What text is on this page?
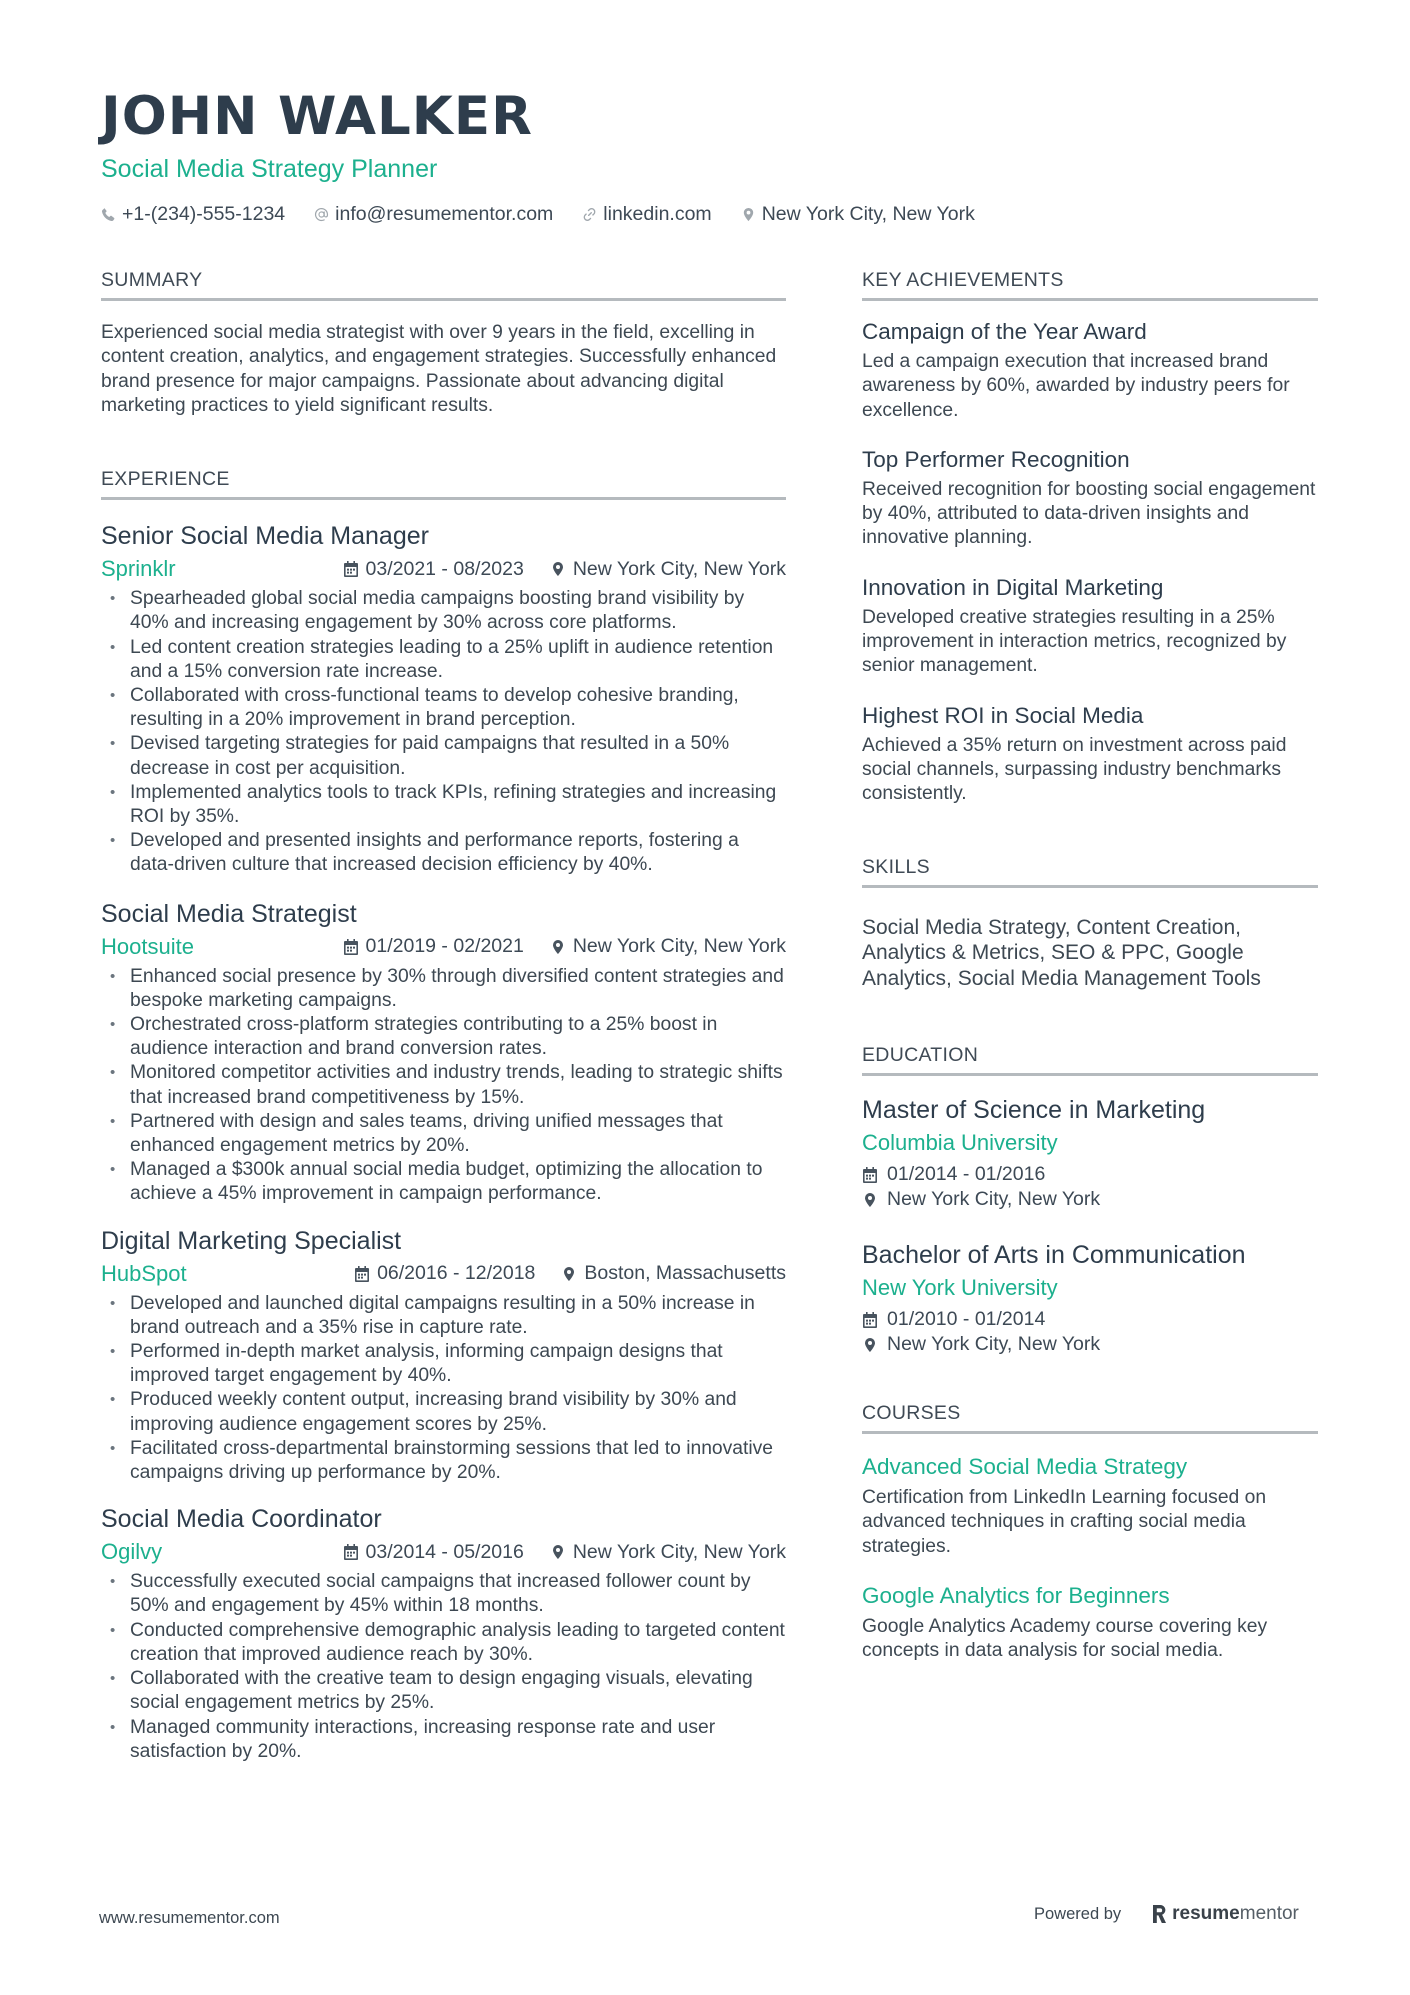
JOHN WALKER
Social Media Strategy Planner
+1-(234)-555-1234	info@resumementor.com	linkedin.com	New York City, New York
SUMMARY
Experienced social media strategist with over 9 years in the field, excelling in content creation, analytics, and engagement strategies. Successfully enhanced brand presence for major campaigns. Passionate about advancing digital marketing practices to yield significant results.
EXPERIENCE
Senior Social Media Manager
Sprinklr	03/2021 - 08/2023	New York City, New York
• Spearheaded global social media campaigns boosting brand visibility by 40% and increasing engagement by 30% across core platforms.
• Led content creation strategies leading to a 25% uplift in audience retention and a 15% conversion rate increase.
• Collaborated with cross-functional teams to develop cohesive branding, resulting in a 20% improvement in brand perception.
• Devised targeting strategies for paid campaigns that resulted in a 50% decrease in cost per acquisition.
• Implemented analytics tools to track KPIs, refining strategies and increasing ROI by 35%.
• Developed and presented insights and performance reports, fostering a data-driven culture that increased decision efficiency by 40%.
Social Media Strategist
Hootsuite	01/2019 - 02/2021	New York City, New York
• Enhanced social presence by 30% through diversified content strategies and bespoke marketing campaigns.
• Orchestrated cross-platform strategies contributing to a 25% boost in audience interaction and brand conversion rates.
• Monitored competitor activities and industry trends, leading to strategic shifts that increased brand competitiveness by 15%.
• Partnered with design and sales teams, driving unified messages that enhanced engagement metrics by 20%.
• Managed a $300k annual social media budget, optimizing the allocation to achieve a 45% improvement in campaign performance.
Digital Marketing Specialist
HubSpot	06/2016 - 12/2018	Boston, Massachusetts
• Developed and launched digital campaigns resulting in a 50% increase in brand outreach and a 35% rise in capture rate.
• Performed in-depth market analysis, informing campaign designs that improved target engagement by 40%.
• Produced weekly content output, increasing brand visibility by 30% and improving audience engagement scores by 25%.
• Facilitated cross-departmental brainstorming sessions that led to innovative campaigns driving up performance by 20%.
Social Media Coordinator
Ogilvy	03/2014 - 05/2016	New York City, New York
• Successfully executed social campaigns that increased follower count by 50% and engagement by 45% within 18 months.
• Conducted comprehensive demographic analysis leading to targeted content creation that improved audience reach by 30%.
• Collaborated with the creative team to design engaging visuals, elevating social engagement metrics by 25%.
• Managed community interactions, increasing response rate and user satisfaction by 20%.
KEY ACHIEVEMENTS
Campaign of the Year Award
Led a campaign execution that increased brand awareness by 60%, awarded by industry peers for excellence.
Top Performer Recognition
Received recognition for boosting social engagement by 40%, attributed to data-driven insights and innovative planning.
Innovation in Digital Marketing
Developed creative strategies resulting in a 25% improvement in interaction metrics, recognized by senior management.
Highest ROI in Social Media
Achieved a 35% return on investment across paid social channels, surpassing industry benchmarks consistently.
SKILLS
Social Media Strategy, Content Creation, Analytics & Metrics, SEO & PPC, Google Analytics, Social Media Management Tools
EDUCATION
Master of Science in Marketing
Columbia University
01/2014 - 01/2016
New York City, New York
Bachelor of Arts in Communication
New York University
01/2010 - 01/2014
New York City, New York
COURSES
Advanced Social Media Strategy
Certification from LinkedIn Learning focused on advanced techniques in crafting social media strategies.
Google Analytics for Beginners
Google Analytics Academy course covering key concepts in data analysis for social media.
www.resumementor.com	Powered by	resume mentor
